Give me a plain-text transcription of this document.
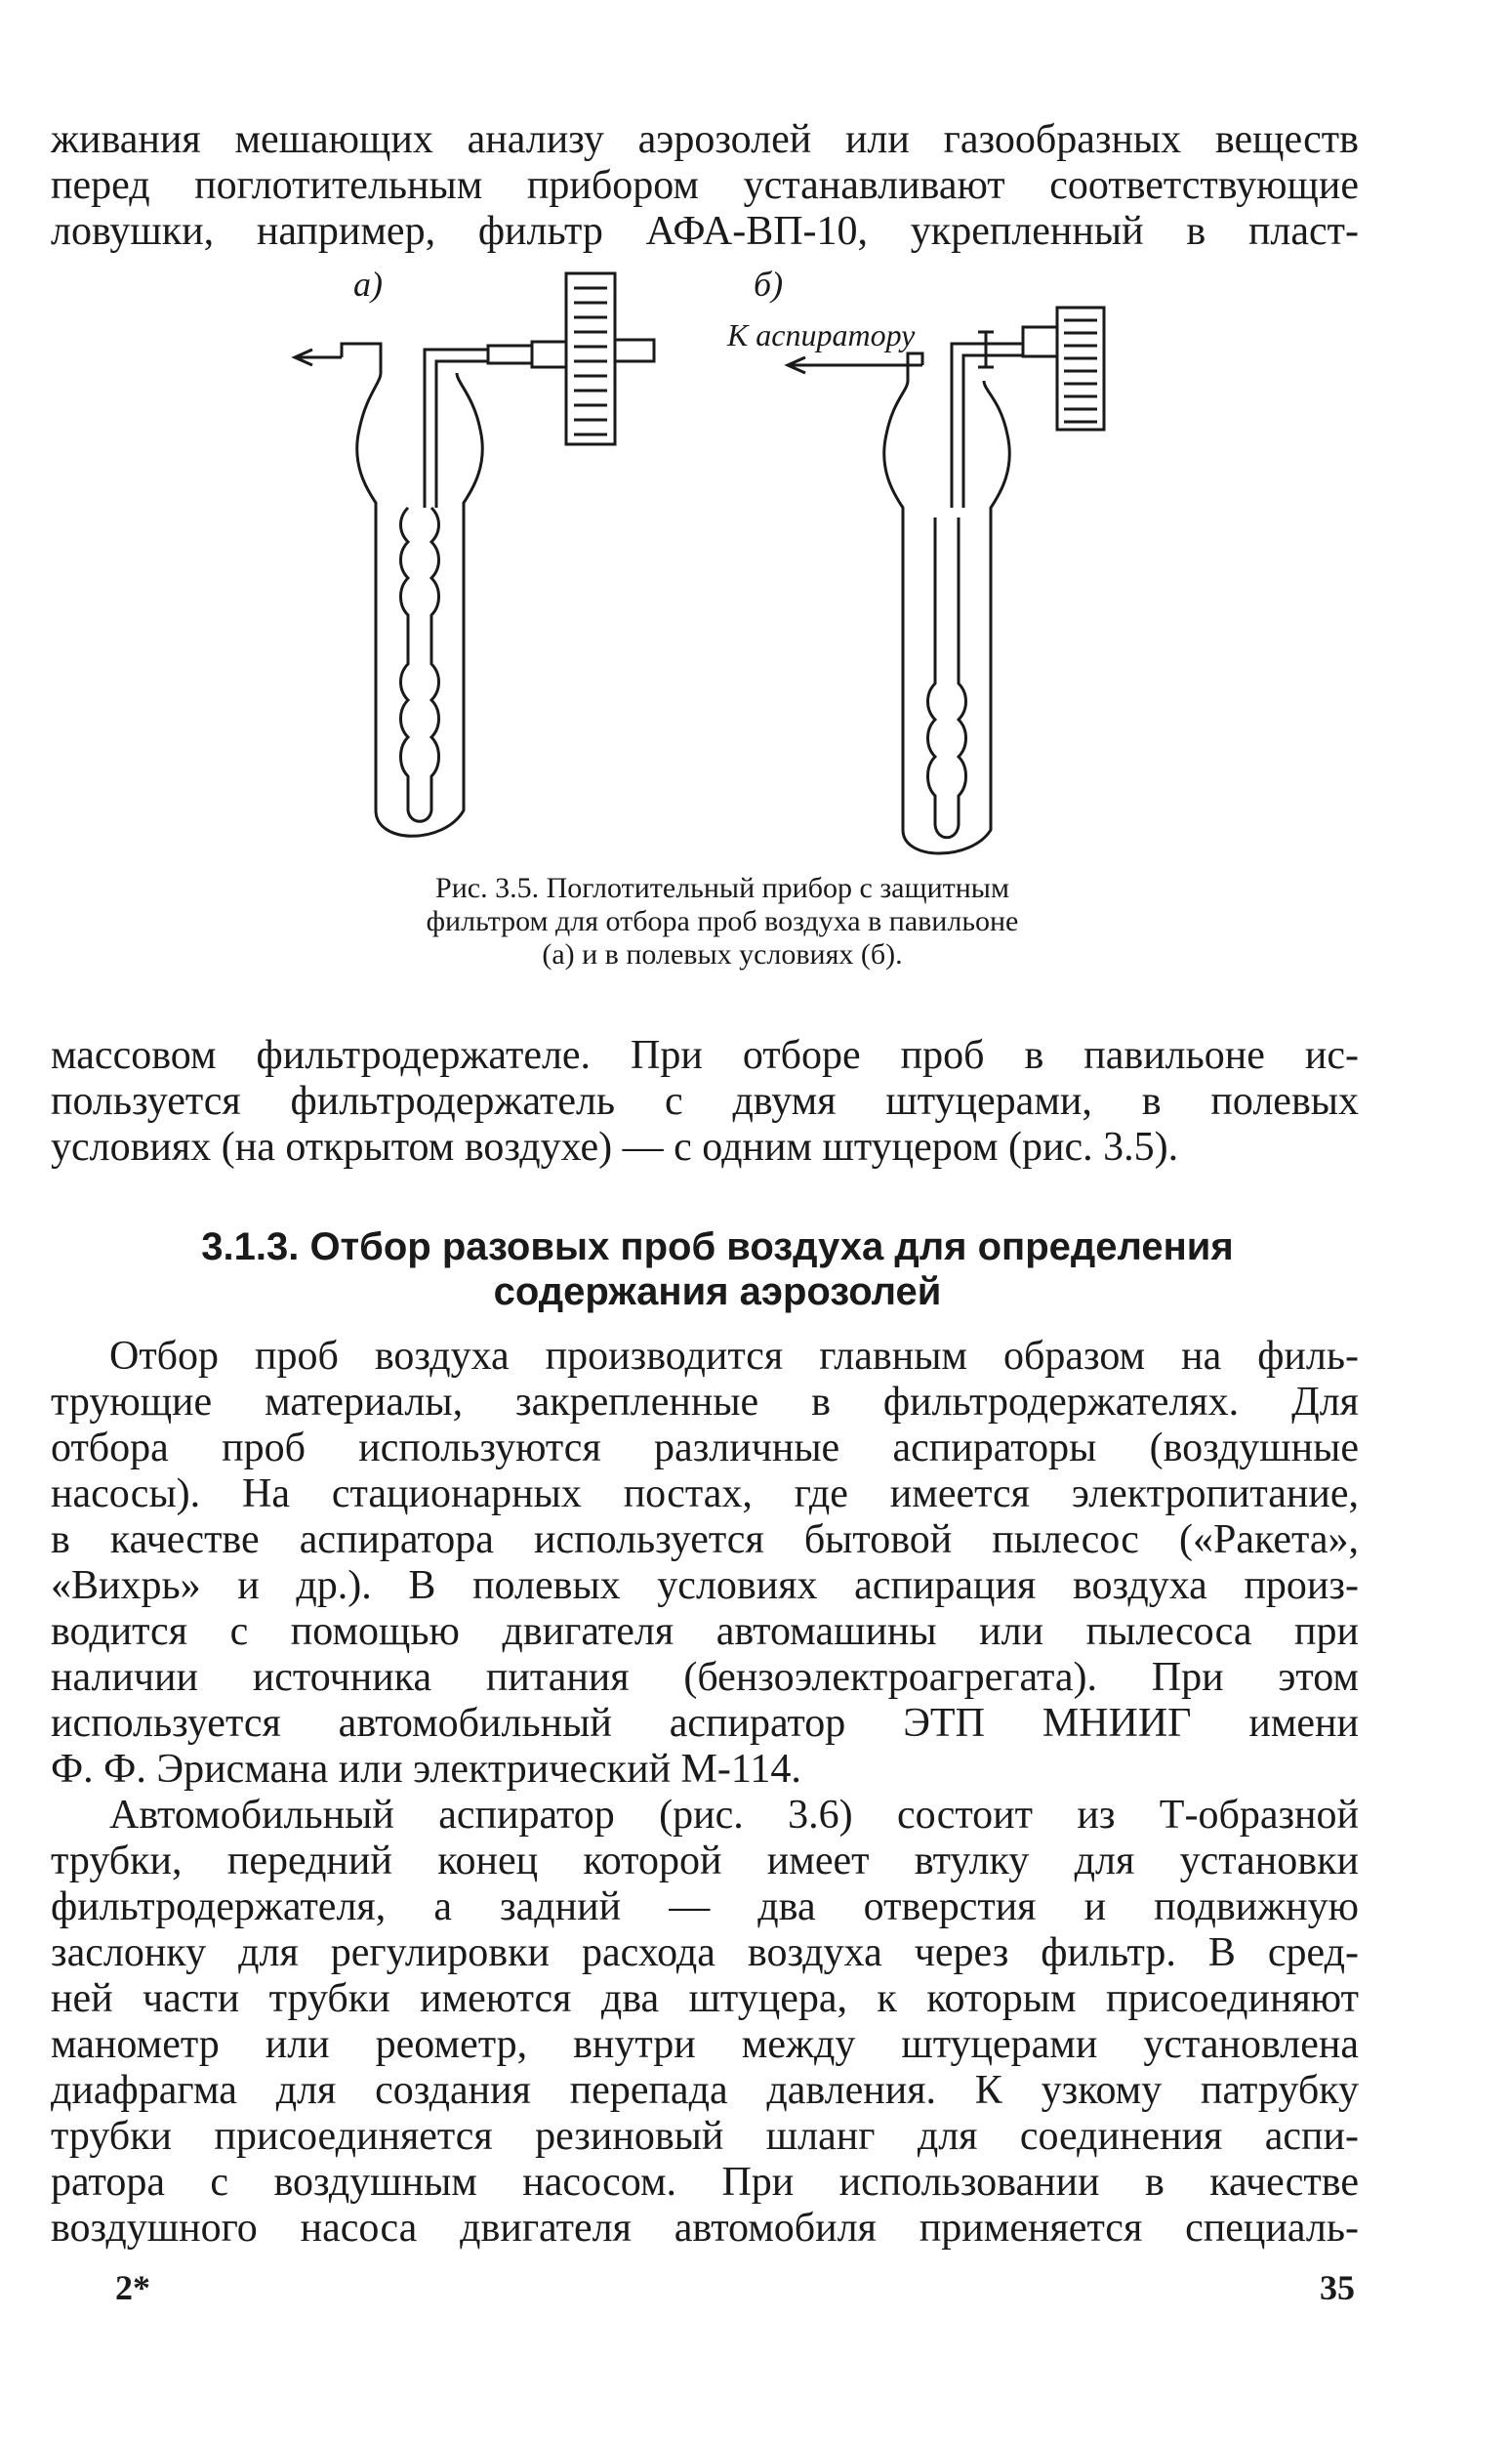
живания мешающих анализу аэрозолей или газообразных веществ
перед поглотительным прибором устанавливают соответствующие
ловушки, например, фильтр АФА-ВП-10, укрепленный в пласт-
а)	б)
К аспиратору
Рис. 3.5. Поглотительный прибор с защитным
фильтром для отбора проб воздуха в павильоне
(а) и в полевых условиях (б).
массовом фильтродержателе. При отборе проб в павильоне ис-
пользуется фильтродержатель с двумя штуцерами, в полевых
условиях (на открытом воздухе) — с одним штуцером (рис. 3.5).
3.1.3. Отбор разовых проб воздуха для определения
содержания аэрозолей
Отбор проб воздуха производится главным образом на филь-
трующие материалы, закрепленные в фильтродержателях. Для
отбора проб используются различные аспираторы (воздушные
насосы). На стационарных постах, где имеется электропитание,
в качестве аспиратора используется бытовой пылесос («Ракета»,
«Вихрь» и др.). В полевых условиях аспирация воздуха произ-
водится с помощью двигателя автомашины или пылесоса при
наличии источника питания (бензоэлектроагрегата). При этом
используется автомобильный аспиратор ЭТП МНИИГ имени
Ф. Ф. Эрисмана или электрический М-114.
Автомобильный аспиратор (рис. 3.6) состоит из Т-образной
трубки, передний конец которой имеет втулку для установки
фильтродержателя, а задний — два отверстия и подвижную
заслонку для регулировки расхода воздуха через фильтр. В сред-
ней части трубки имеются два штуцера, к которым присоединяют
манометр или реометр, внутри между штуцерами установлена
диафрагма для создания перепада давления. К узкому патрубку
трубки присоединяется резиновый шланг для соединения аспи-
ратора с воздушным насосом. При использовании в качестве
воздушного насоса двигателя автомобиля применяется специаль-
2*	35
